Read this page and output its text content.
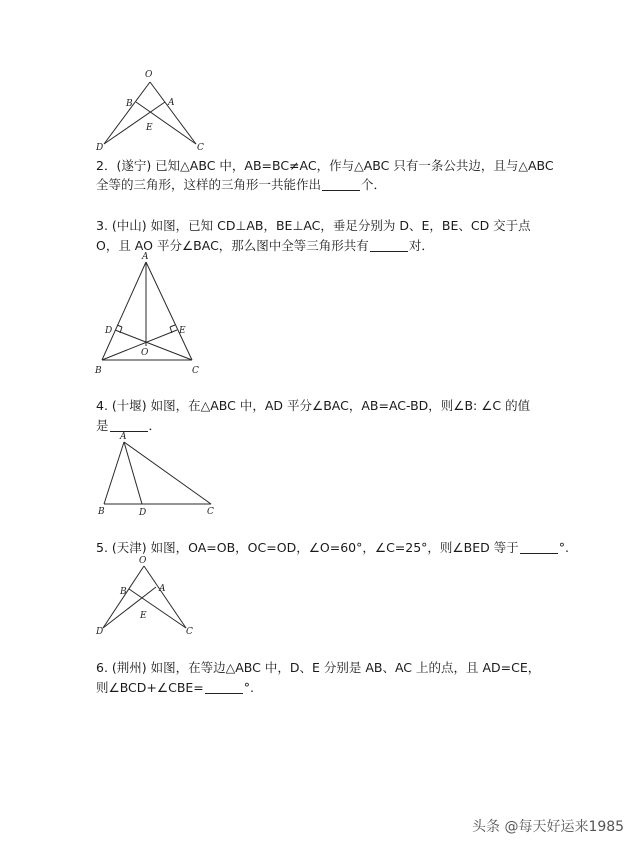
O
B	A
E
D	C
2．(遂宁) 已知△ABC 中，AB=BC≠AC，作与△ABC 只有一条公共边，且与△ABC
全等的三角形，这样的三角形一共能作出	个．
3. (中山) 如图，已知 CD⊥AB，BE⊥AC，垂足分别为 D、E，BE、CD 交于点
O，且 AO 平分∠BAC，那么图中全等三角形共有	对．
A
D	E
O
B	C
4. (十堰) 如图，在△ABC 中，AD 平分∠BAC，AB=AC-BD，则∠B: ∠C 的值
是	．
A
B	D	C
5. (天津) 如图，OA=OB，OC=OD，∠O=60°，∠C=25°，则∠BED 等于	°.
O
B	A
E
D	C
6. (荆州) 如图，在等边△ABC 中，D、E 分别是 AB、AC 上的点，且 AD=CE，
则∠BCD+∠CBE=	°.
头条 @每天好运来1985
